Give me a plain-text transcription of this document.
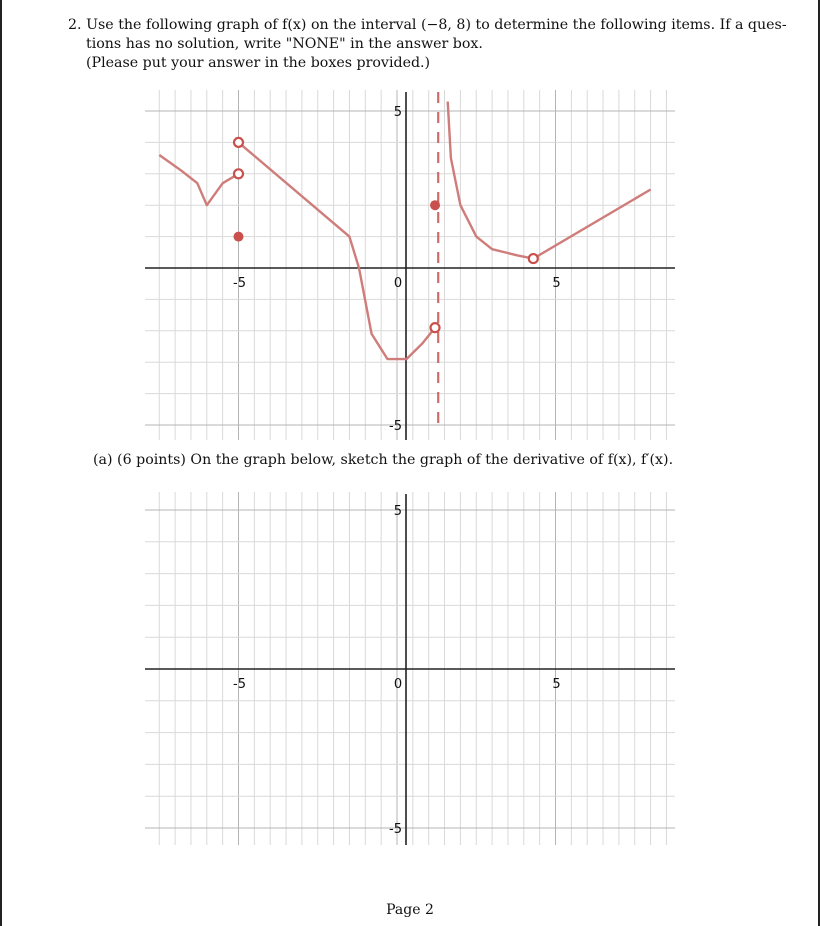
2. Use the following graph of f(x) on the interval (−8, 8) to determine the following items. If a ques-
tions has no solution, write "NONE" in the answer box.
(Please put your answer in the boxes provided.)
-5	0	5
5
-5
-5	0	5
5
-5
(a) (6 points) On the graph below, sketch the graph of the derivative of f(x), f′(x).
Page 2
